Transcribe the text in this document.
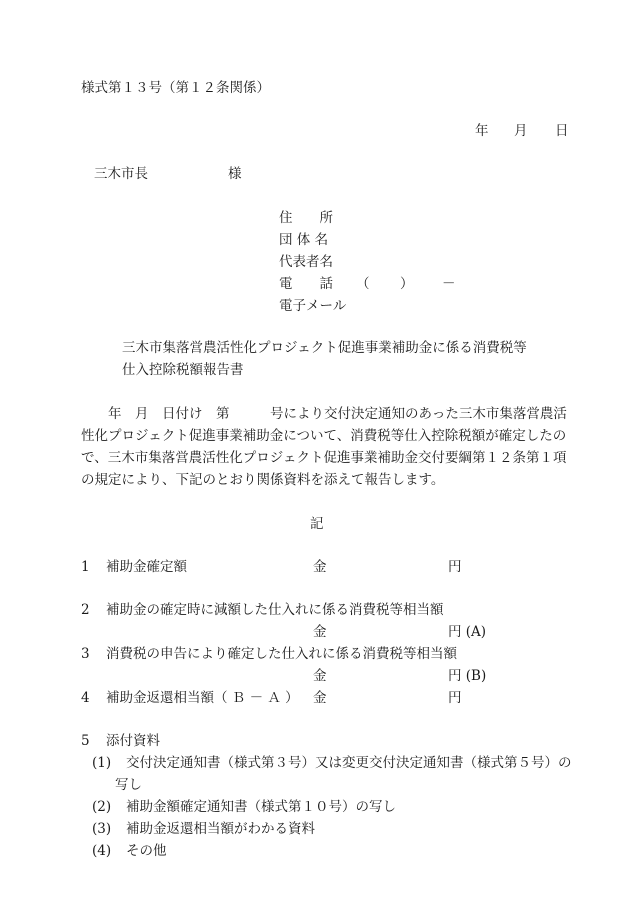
様式第１３号（第１２条関係）
年 月 日
三木市長	様
住　　所
団 体 名
代表者名
電　　話 （ ） －
電子メール
三木市集落営農活性化プロジェクト促進事業補助金に係る消費税等
仕入控除税額報告書
　　年　月　日付け　第　　　号により交付決定通知のあった三木市集落営農活
性化プロジェクト促進事業補助金について、消費税等仕入控除税額が確定したの
で、三木市集落営農活性化プロジェクト促進事業補助金交付要綱第１２条第１項
の規定により、下記のとおり関係資料を添えて報告します。
記
1 補助金確定額	金	円
2 補助金の確定時に減額した仕入れに係る消費税等相当額
金	円 (A)
3 消費税の申告により確定した仕入れに係る消費税等相当額
金	円 (B)
4 補助金返還相当額（ Ｂ － Ａ ） 金	円
5 添付資料
(1) 交付決定通知書（様式第３号）又は変更交付決定通知書（様式第５号）の
写し
(2) 補助金額確定通知書（様式第１０号）の写し
(3) 補助金返還相当額がわかる資料
(4) その他
